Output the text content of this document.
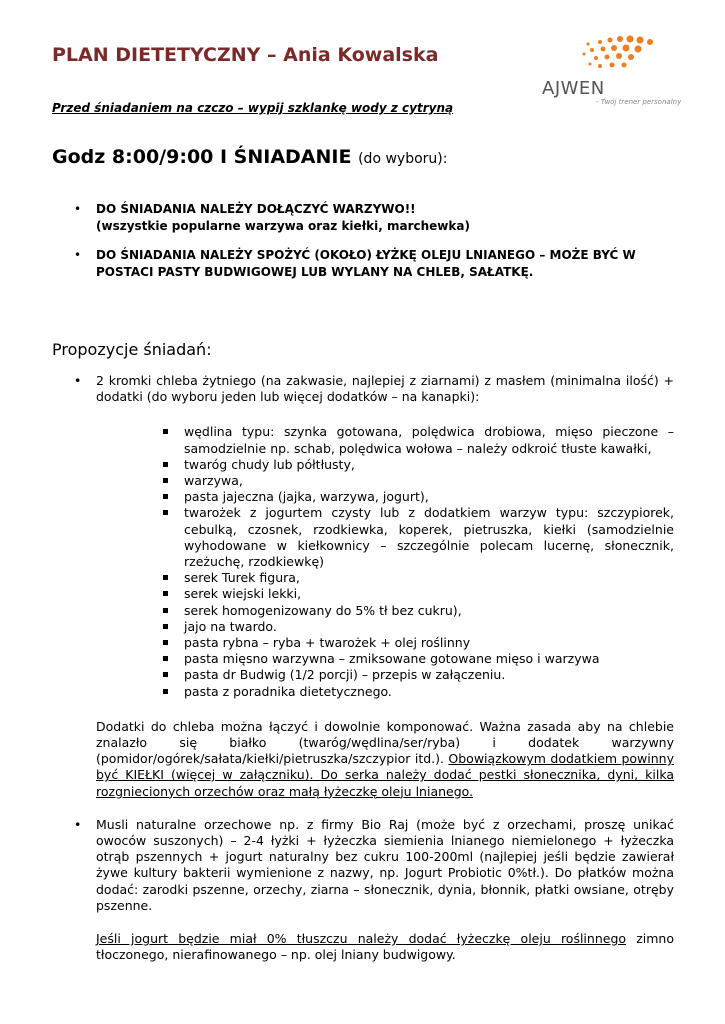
PLAN DIETETYCZNY – Ania Kowalska
AJWEN
- Twój trener personalny

Przed śniadaniem na czczo – wypij szklankę wody z cytryną

Godz 8:00/9:00 I ŚNIADANIE (do wyboru):
• DO ŚNIADANIA NALEŻY DOŁĄCZYĆ WARZYWO!!
(wszystkie popularne warzywa oraz kiełki, marchewka)
• DO ŚNIADANIA NALEŻY SPOŻYĆ (OKOŁO) ŁYŻKĘ OLEJU LNIANEGO – MOŻE BYĆ W POSTACI PASTY BUDWIGOWEJ LUB WYLANY NA CHLEB, SAŁATKĘ.
Propozycje śniadań:

• 2 kromki chleba żytniego (na zakwasie, najlepiej z ziarnami) z masłem (minimalna ilość) + dodatki (do wyboru jeden lub więcej dodatków – na kanapki):

wędlina typu: szynka gotowana, polędwica drobiowa, mięso pieczone – samodzielnie np. schab, polędwica wołowa – należy odkroić tłuste kawałki,
twaróg chudy lub półtłusty,
warzywa,
pasta jajeczna (jajka, warzywa, jogurt),
twarożek z jogurtem czysty lub z dodatkiem warzyw typu: szczypiorek, cebulką, czosnek, rzodkiewka, koperek, pietruszka, kiełki (samodzielnie wyhodowane w kiełkownicy – szczególnie polecam lucernę, słonecznik, rzeżuchę, rzodkiewkę)
serek Turek figura,
serek wiejski lekki,
serek homogenizowany do 5% tł bez cukru),
jajo na twardo.
pasta rybna – ryba + twarożek + olej roślinny
pasta mięsno warzywna – zmiksowane gotowane mięso i warzywa
pasta dr Budwig (1/2 porcji) – przepis w załączeniu.
pasta z poradnika dietetycznego.

Dodatki do chleba można łączyć i dowolnie komponować. Ważna zasada aby na chlebie znalazło się białko (twaróg/wędlina/ser/ryba) i dodatek warzywny (pomidor/ogórek/sałata/kiełki/pietruszka/szczypior itd.). Obowiązkowym dodatkiem powinny być KIEŁKI (więcej w załączniku). Do serka należy dodać pestki słonecznika, dyni, kilka rozgniecionych orzechów oraz małą łyżeczkę oleju lnianego.

• Musli naturalne orzechowe np. z firmy Bio Raj (może być z orzechami, proszę unikać owoców suszonych) – 2-4 łyżki + łyżeczka siemienia lnianego niemielonego + łyżeczka otrąb pszennych + jogurt naturalny bez cukru 100-200ml (najlepiej jeśli będzie zawierał żywe kultury bakterii wymienione z nazwy, np. Jogurt Probiotic 0%tł.). Do płatków można dodać: zarodki pszenne, orzechy, ziarna – słonecznik, dynia, błonnik, płatki owsiane, otręby pszenne.

Jeśli jogurt będzie miał 0% tłuszczu należy dodać łyżeczkę oleju roślinnego zimno tłoczonego, nierafinowanego – np. olej lniany budwigowy.
